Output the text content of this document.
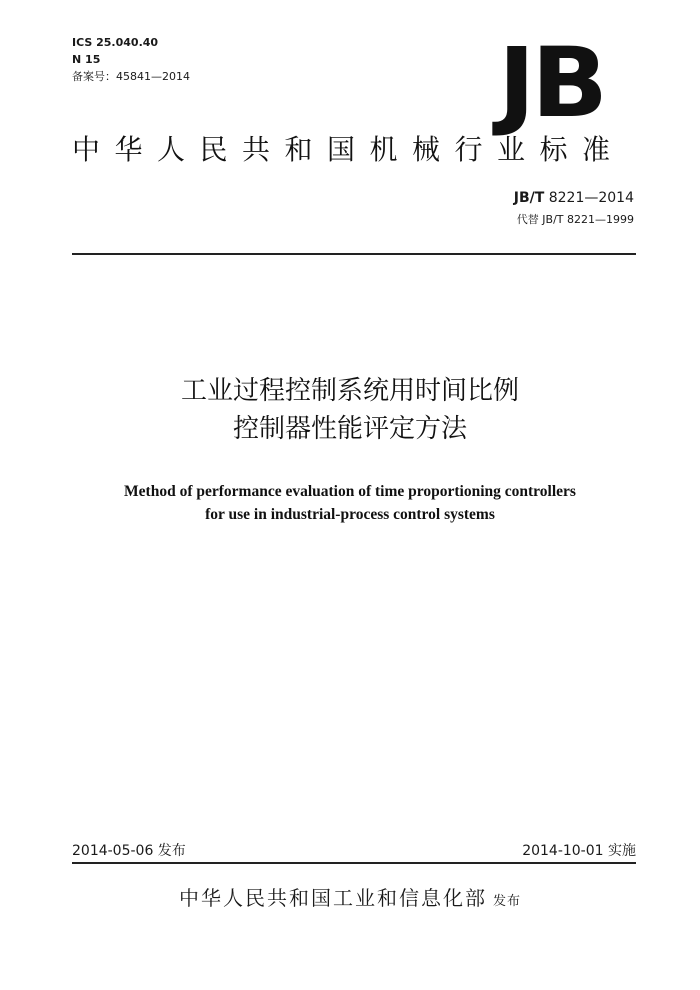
ICS 25.040.40
N 15
备案号：45841—2014	JB
中华人民共和国机械行业标准
JB/T 8221—2014
代替 JB/T 8221—1999
工业过程控制系统用时间比例
控制器性能评定方法
Method of performance evaluation of time proportioning controllers
for use in industrial-process control systems
2014-05-06 发布	2014-10-01 实施
中华人民共和国工业和信息化部 发布
